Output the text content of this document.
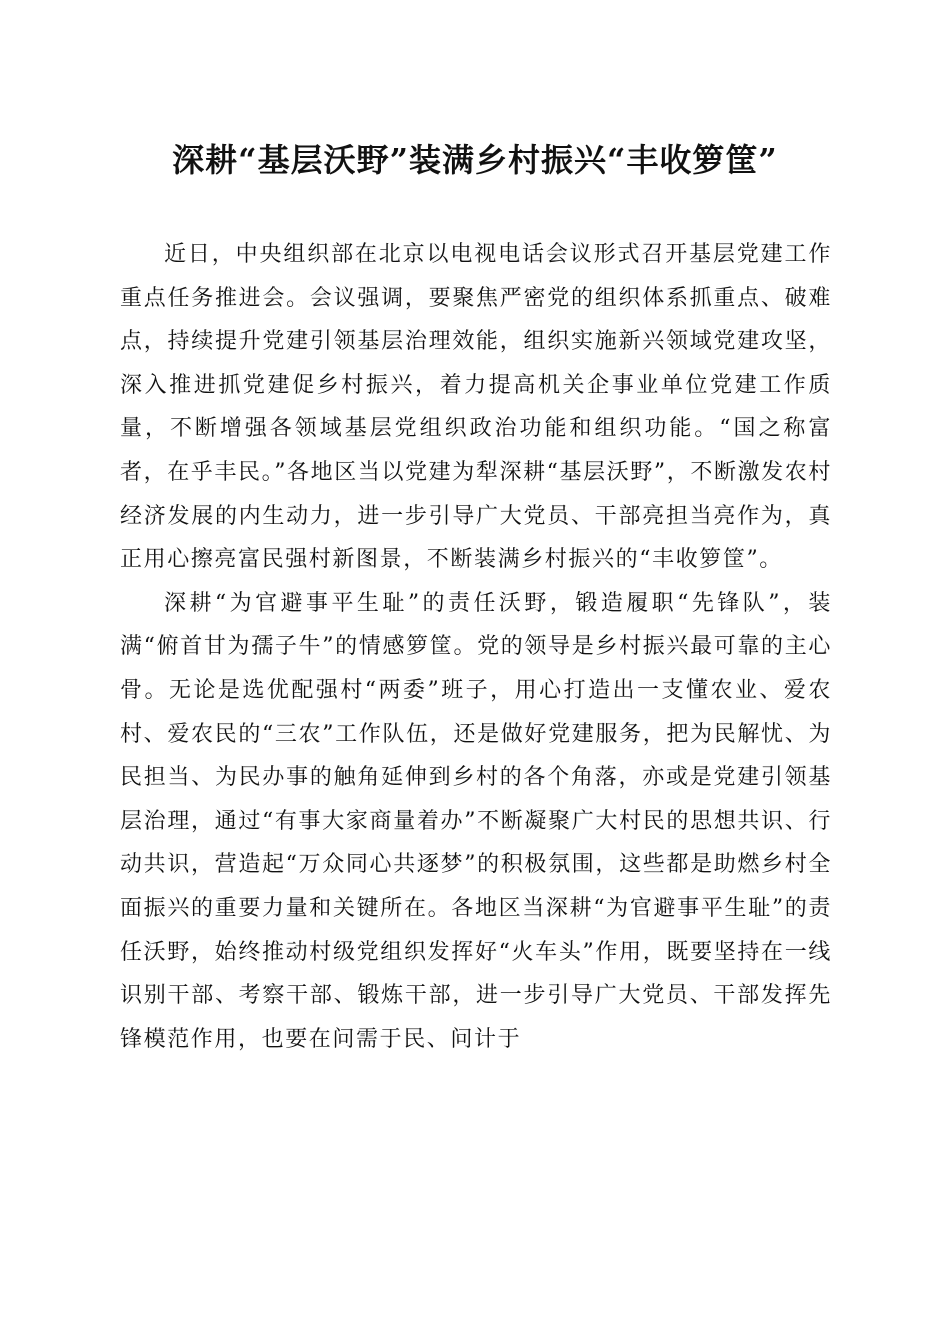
深耕“基层沃野”装满乡村振兴“丰收箩筐”

近日，中央组织部在北京以电视电话会议形式召开基层党建工作重点任务推进会。会议强调，要聚焦严密党的组织体系抓重点、破难点，持续提升党建引领基层治理效能，组织实施新兴领域党建攻坚，深入推进抓党建促乡村振兴，着力提高机关企事业单位党建工作质量，不断增强各领域基层党组织政治功能和组织功能。“国之称富者，在乎丰民。”各地区当以党建为犁深耕“基层沃野”，不断激发农村经济发展的内生动力，进一步引导广大党员、干部亮担当亮作为，真正用心擦亮富民强村新图景，不断装满乡村振兴的“丰收箩筐”。

深耕“为官避事平生耻”的责任沃野，锻造履职“先锋队”，装满“俯首甘为孺子牛”的情感箩筐。党的领导是乡村振兴最可靠的主心骨。无论是选优配强村“两委”班子，用心打造出一支懂农业、爱农村、爱农民的“三农”工作队伍，还是做好党建服务，把为民解忧、为民担当、为民办事的触角延伸到乡村的各个角落，亦或是党建引领基层治理，通过“有事大家商量着办”不断凝聚广大村民的思想共识、行动共识，营造起“万众同心共逐梦”的积极氛围，这些都是助燃乡村全面振兴的重要力量和关键所在。各地区当深耕“为官避事平生耻”的责任沃野，始终推动村级党组织发挥好“火车头”作用，既要坚持在一线识别干部、考察干部、锻炼干部，进一步引导广大党员、干部发挥先锋模范作用，也要在问需于民、问计于
